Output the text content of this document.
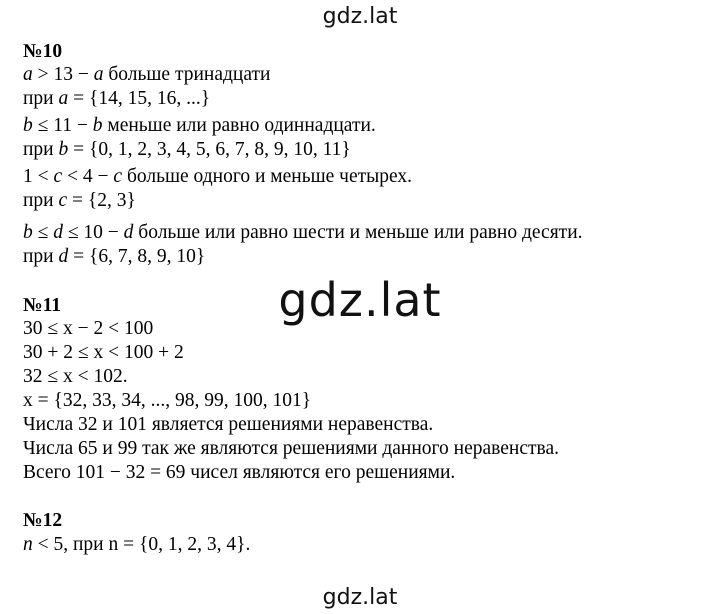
gdz.lat
№10
a > 13 − a больше тринадцати
при a = {14, 15, 16, ...}
b ≤ 11 − b меньше или равно одиннадцати.
при b = {0, 1, 2, 3, 4, 5, 6, 7, 8, 9, 10, 11}
1 < c < 4 − c больше одного и меньше четырех.
при c = {2, 3}
b ≤ d ≤ 10 − d больше или равно шести и меньше или равно десяти.
при d = {6, 7, 8, 9, 10}
gdz.lat
№11
30 ≤ x − 2 < 100
30 + 2 ≤ x < 100 + 2
32 ≤ x < 102.
x = {32, 33, 34, ..., 98, 99, 100, 101}
Числа 32 и 101 является решениями неравенства.
Числа 65 и 99 так же являются решениями данного неравенства.
Всего 101 − 32 = 69 чисел являются его решениями.
№12
n < 5, при n = {0, 1, 2, 3, 4}.
gdz.lat
